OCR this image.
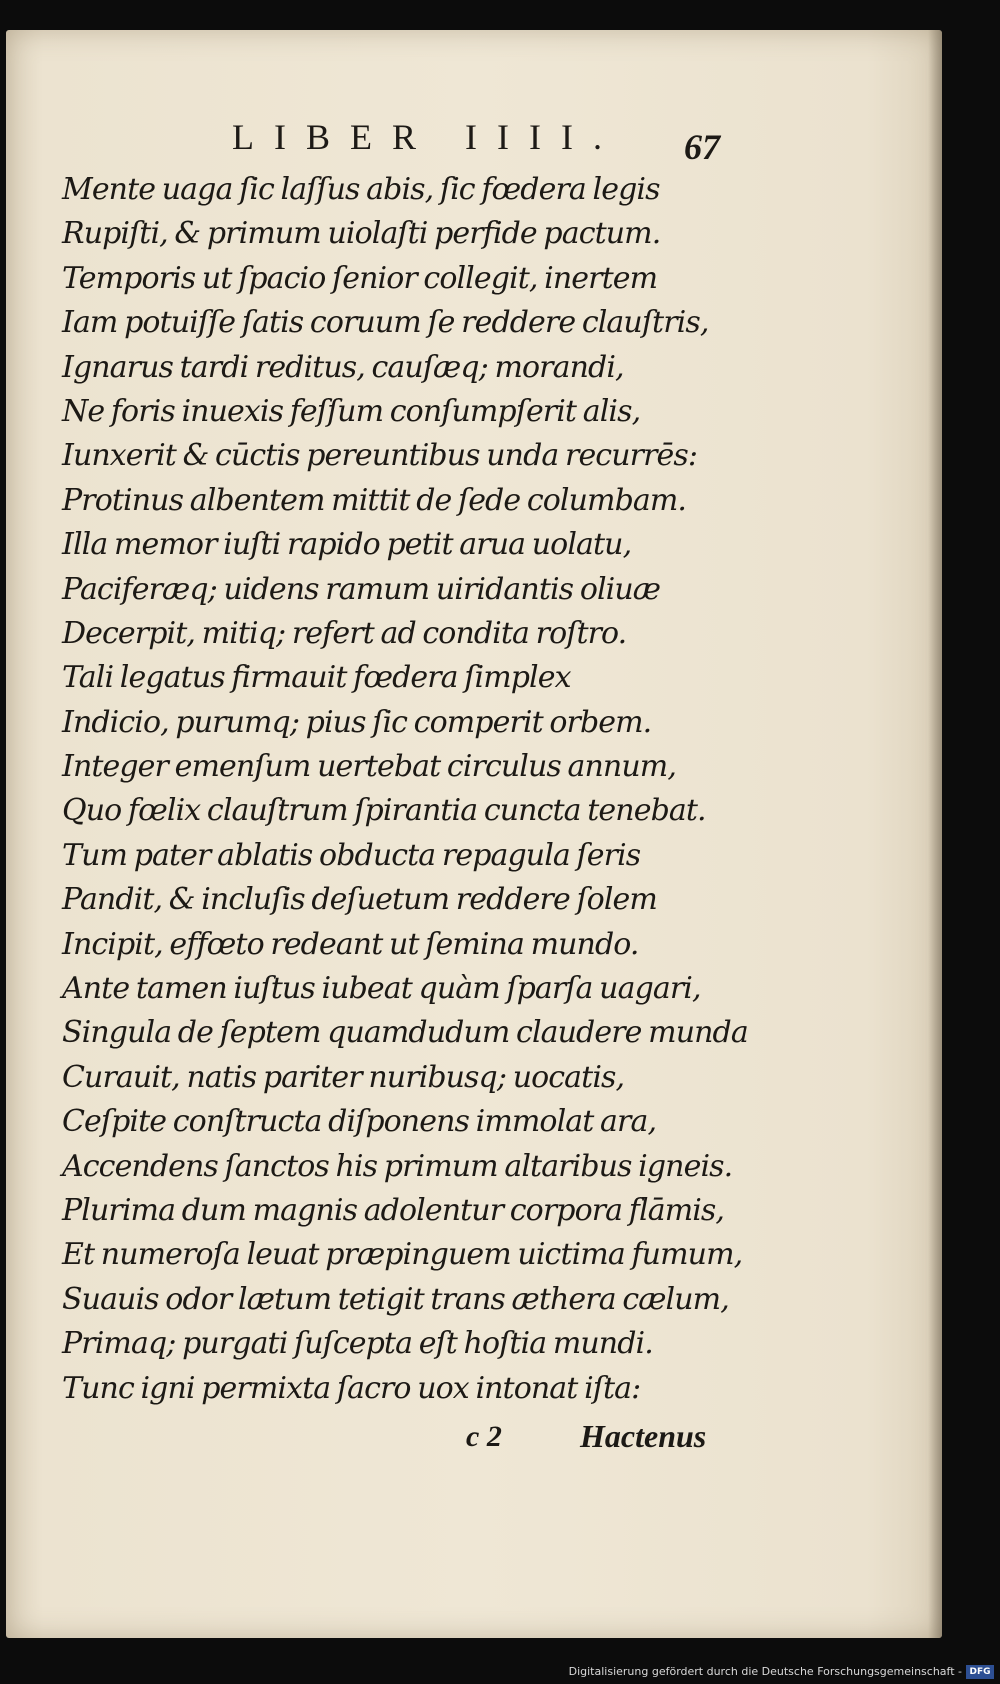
LIBER IIII. 67
Mente uaga ſic laſſus abis, ſic fœdera legis
Rupiſti, & primum uiolaſti perfide pactum.
Temporis ut ſpacio ſenior collegit, inertem
Iam potuiſſe ſatis coruum ſe reddere clauſtris,
Ignarus tardi reditus, cauſæq; morandi,
Ne foris inuexis feſſum conſumpſerit alis,
Iunxerit & cūctis pereuntibus unda recurrēs:
Protinus albentem mittit de ſede columbam.
Illa memor iuſti rapido petit arua uolatu,
Paciferæq; uidens ramum uiridantis oliuæ
Decerpit, mitiq; refert ad condita roſtro.
Tali legatus firmauit fœdera ſimplex
Indicio, purumq; pius ſic comperit orbem.
Integer emenſum uertebat circulus annum,
Quo fœlix clauſtrum ſpirantia cuncta tenebat.
Tum pater ablatis obducta repagula ſeris
Pandit, & incluſis deſuetum reddere ſolem
Incipit, effœto redeant ut ſemina mundo.
Ante tamen iuſtus iubeat quàm ſparſa uagari,
Singula de ſeptem quamdudum claudere munda
Curauit, natis pariter nuribusq; uocatis,
Ceſpite conſtructa diſponens immolat ara,
Accendens ſanctos his primum altaribus igneis.
Plurima dum magnis adolentur corpora flāmis,
Et numeroſa leuat præpinguem uictima fumum,
Suauis odor lætum tetigit trans æthera cælum,
Primaq; purgati ſuſcepta eſt hoſtia mundi.
Tunc igni permixta ſacro uox intonat iſta:
c 2 Hactenus
Digitalisierung gefördert durch die Deutsche Forschungsgemeinschaft - DFG
